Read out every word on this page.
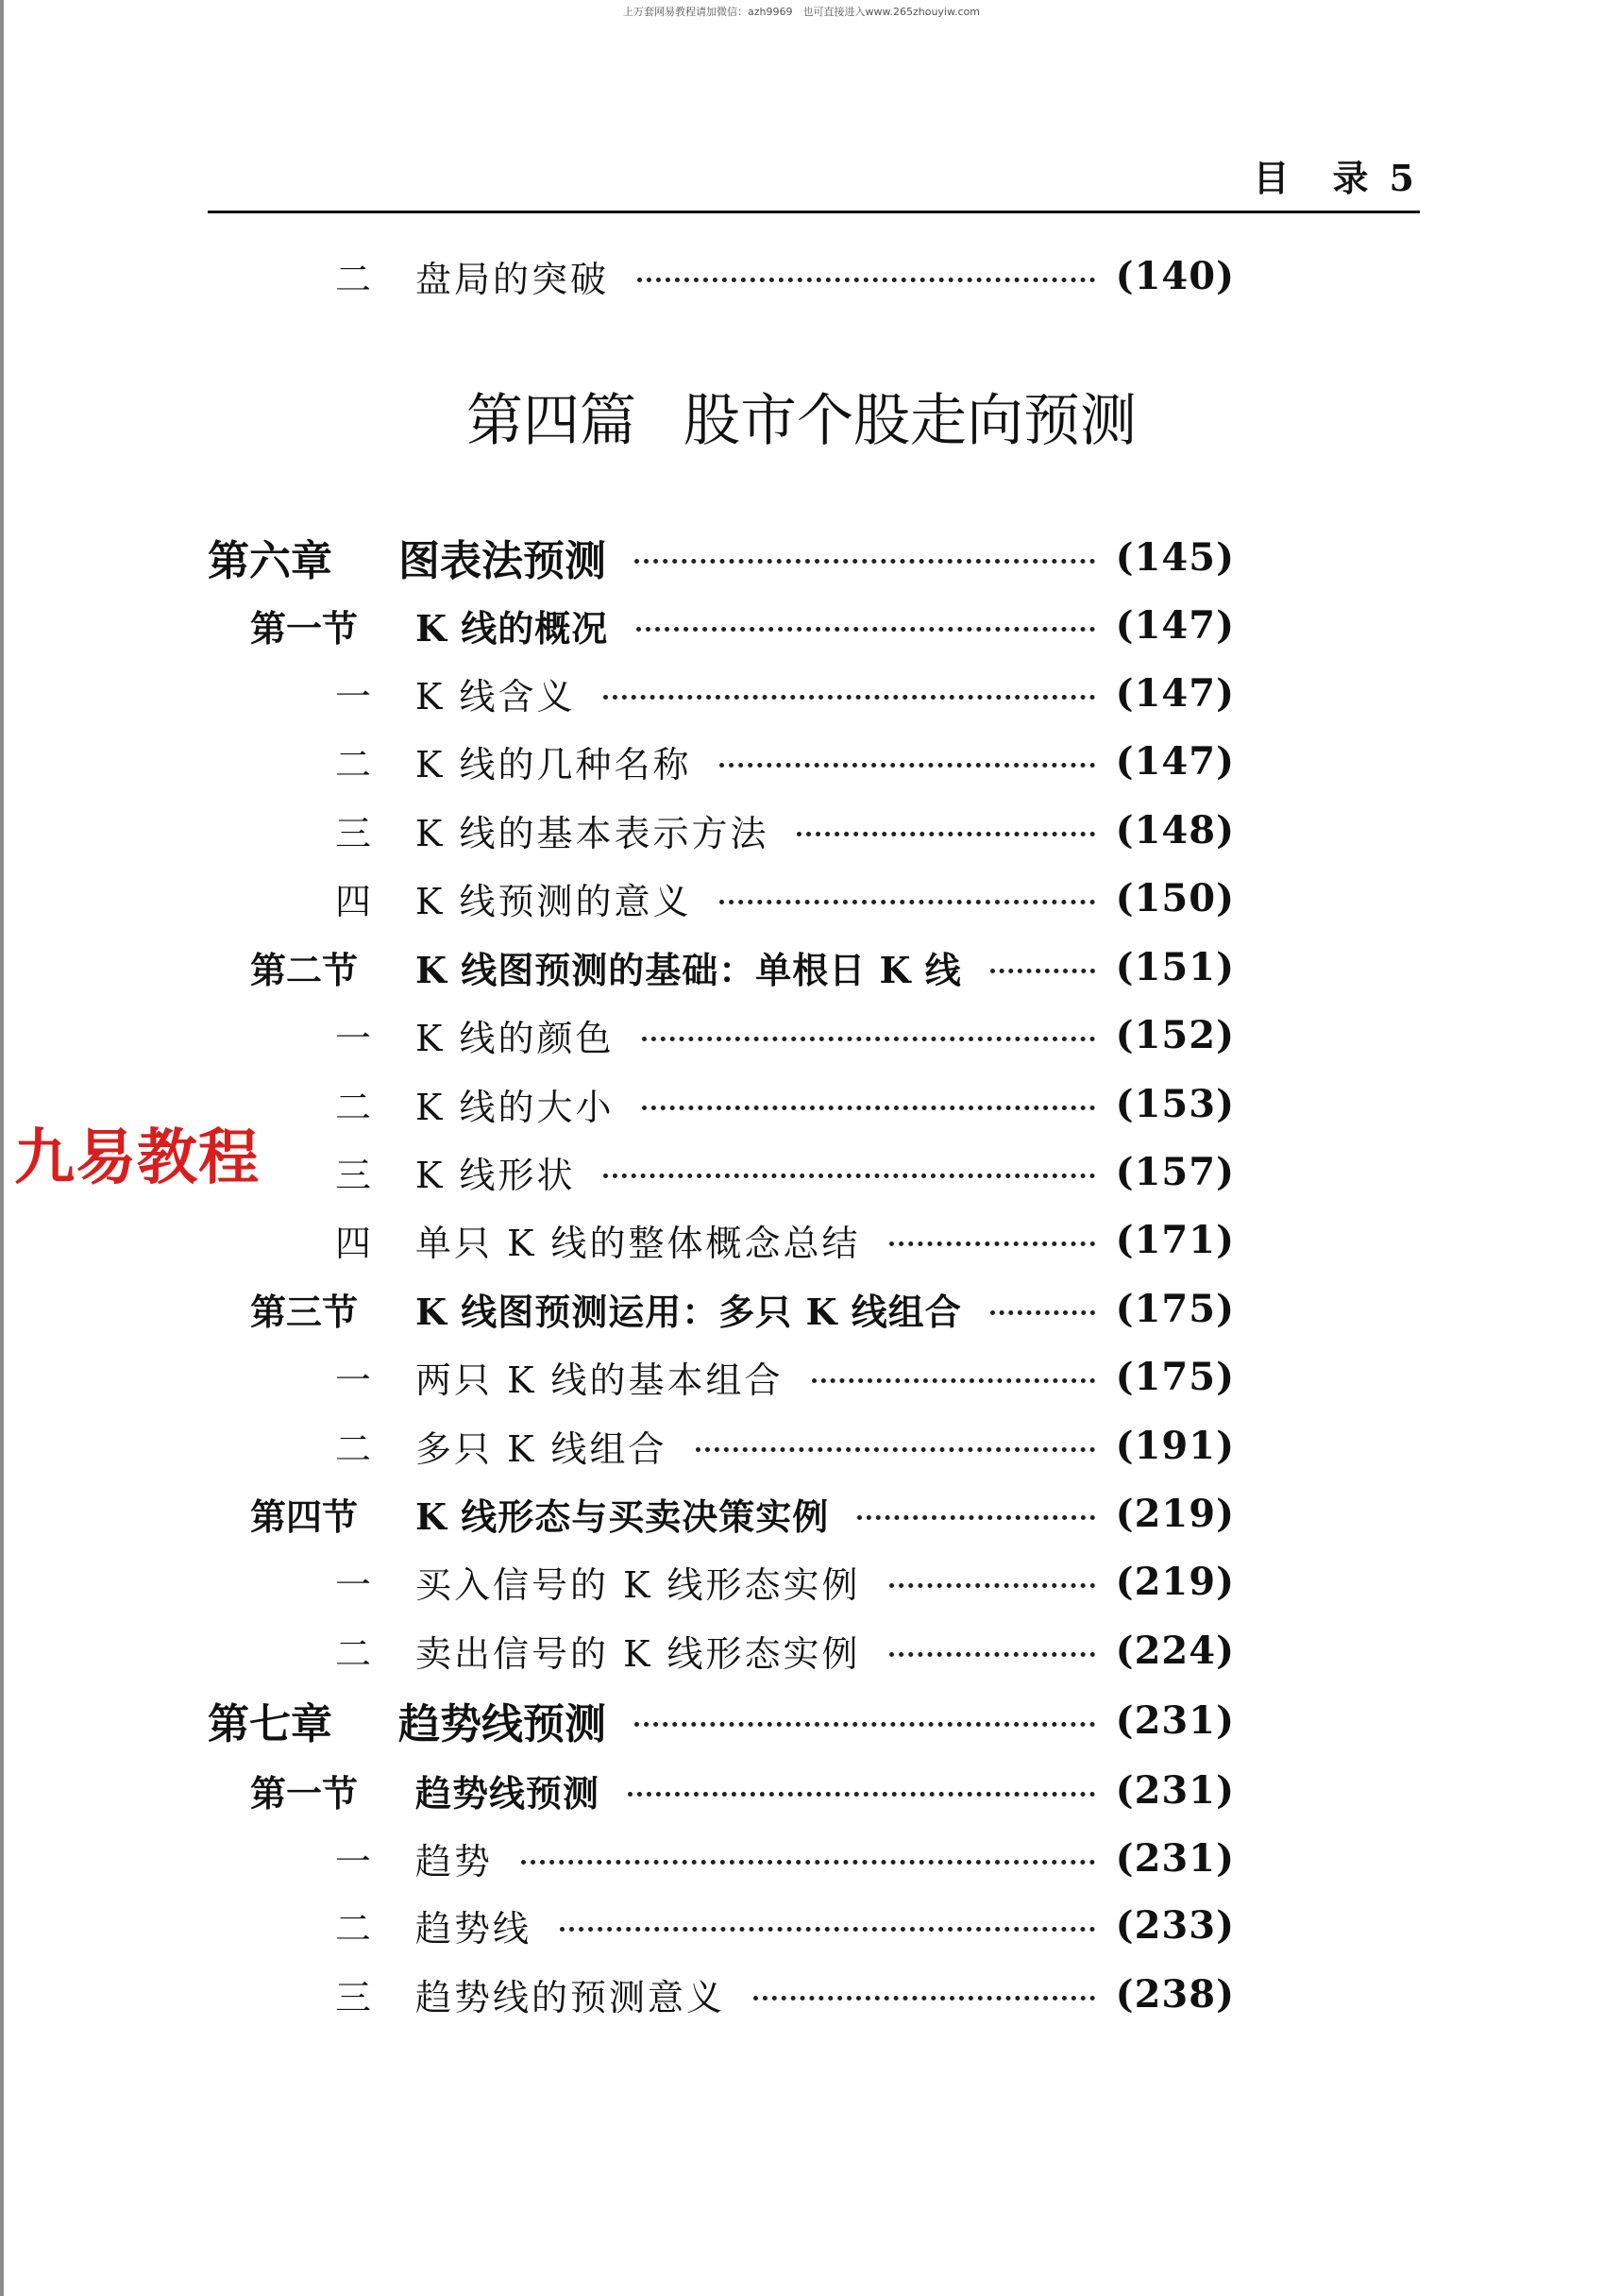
上万套网易教程请加微信：azh9969　也可直接进入www.265zhouyiw.com
目　录 5
第四篇 股市个股走向预测
九易教程
二 盘局的突破	(140)
第六章 图表法预测	(145)
第一节 K 线的概况	(147)
一 K 线含义	(147)
二 K 线的几种名称	(147)
三 K 线的基本表示方法	(148)
四 K 线预测的意义	(150)
第二节 K 线图预测的基础：单根日 K 线	(151)
一 K 线的颜色	(152)
二 K 线的大小	(153)
三 K 线形状	(157)
四 单只 K 线的整体概念总结	(171)
第三节 K 线图预测运用：多只 K 线组合	(175)
一 两只 K 线的基本组合	(175)
二 多只 K 线组合	(191)
第四节 K 线形态与买卖决策实例	(219)
一 买入信号的 K 线形态实例	(219)
二 卖出信号的 K 线形态实例	(224)
第七章 趋势线预测	(231)
第一节 趋势线预测	(231)
一 趋势	(231)
二 趋势线	(233)
三 趋势线的预测意义	(238)
